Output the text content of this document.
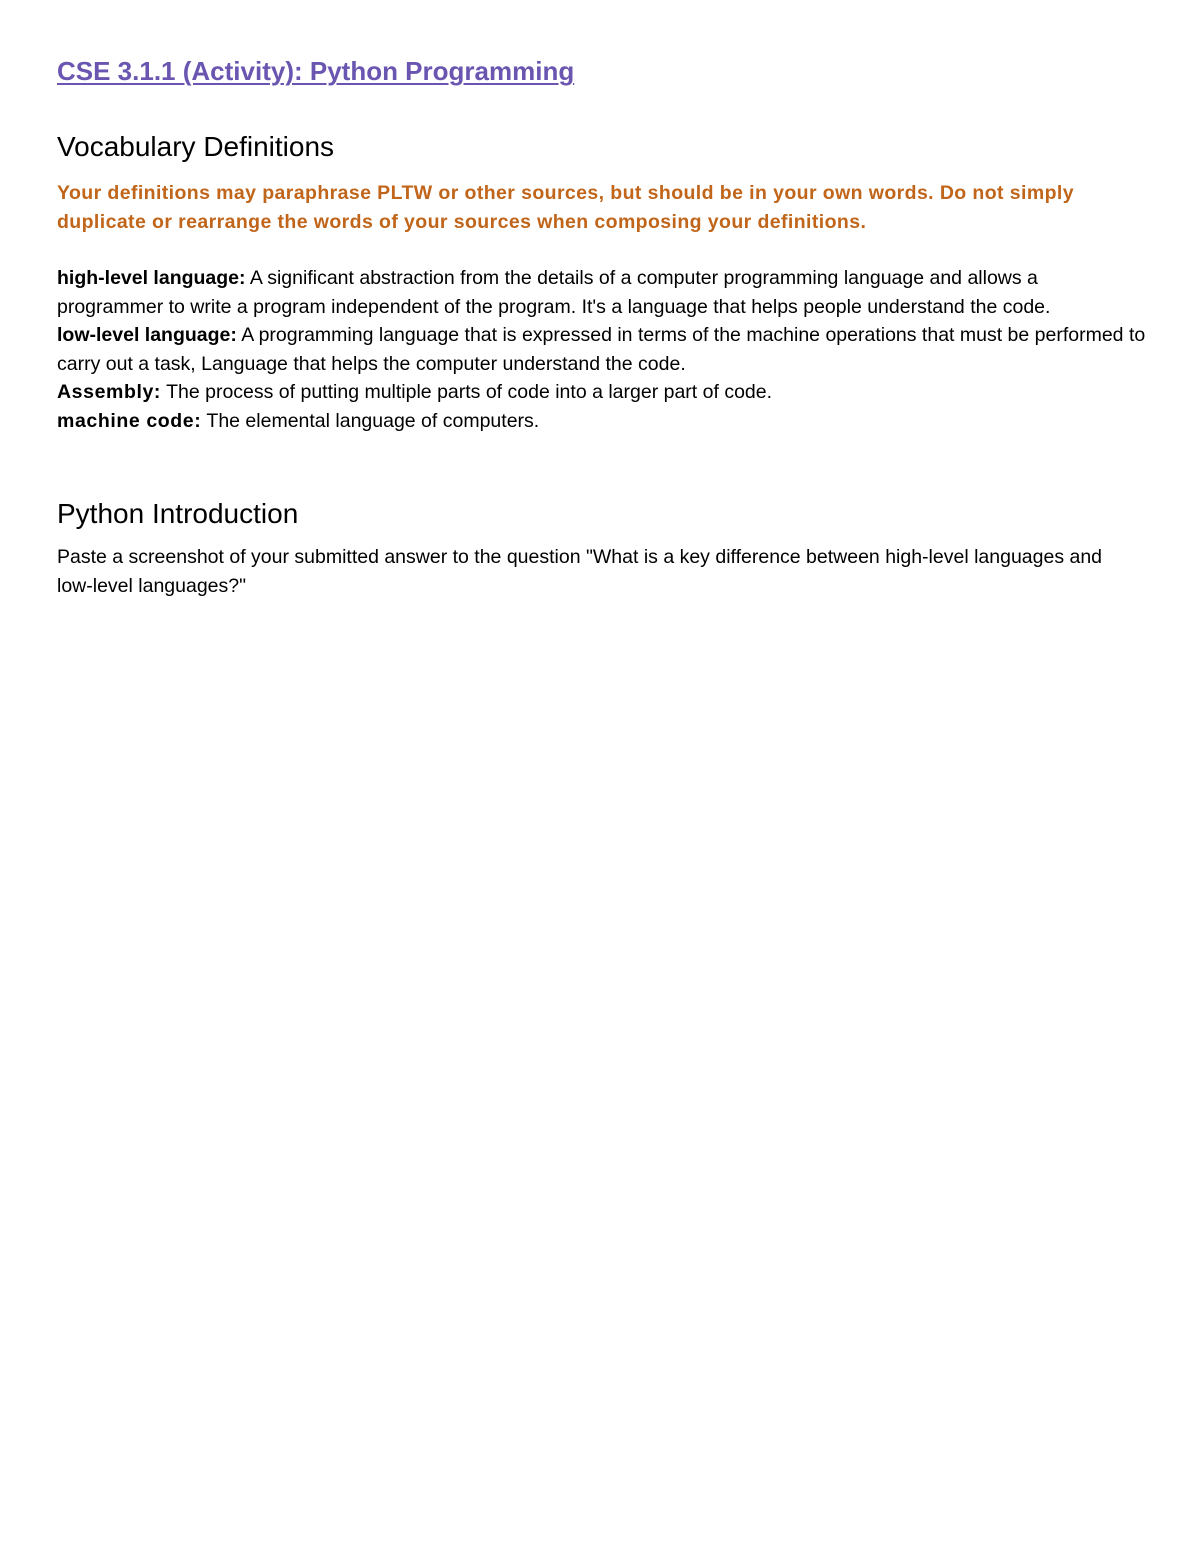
CSE 3.1.1 (Activity): Python Programming
Vocabulary Definitions

Your definitions may paraphrase PLTW or other sources, but should be in your own words. Do not simply duplicate or rearrange the words of your sources when composing your definitions.

high-level language: A significant abstraction from the details of a computer programming language and allows a programmer to write a program independent of the program. It's a language that helps people understand the code.
low-level language: A programming language that is expressed in terms of the machine operations that must be performed to carry out a task, Language that helps the computer understand the code.
Assembly: The process of putting multiple parts of code into a larger part of code.
machine code: The elemental language of computers.
Python Introduction

Paste a screenshot of your submitted answer to the question "What is a key difference between high-level languages and low-level languages?"
